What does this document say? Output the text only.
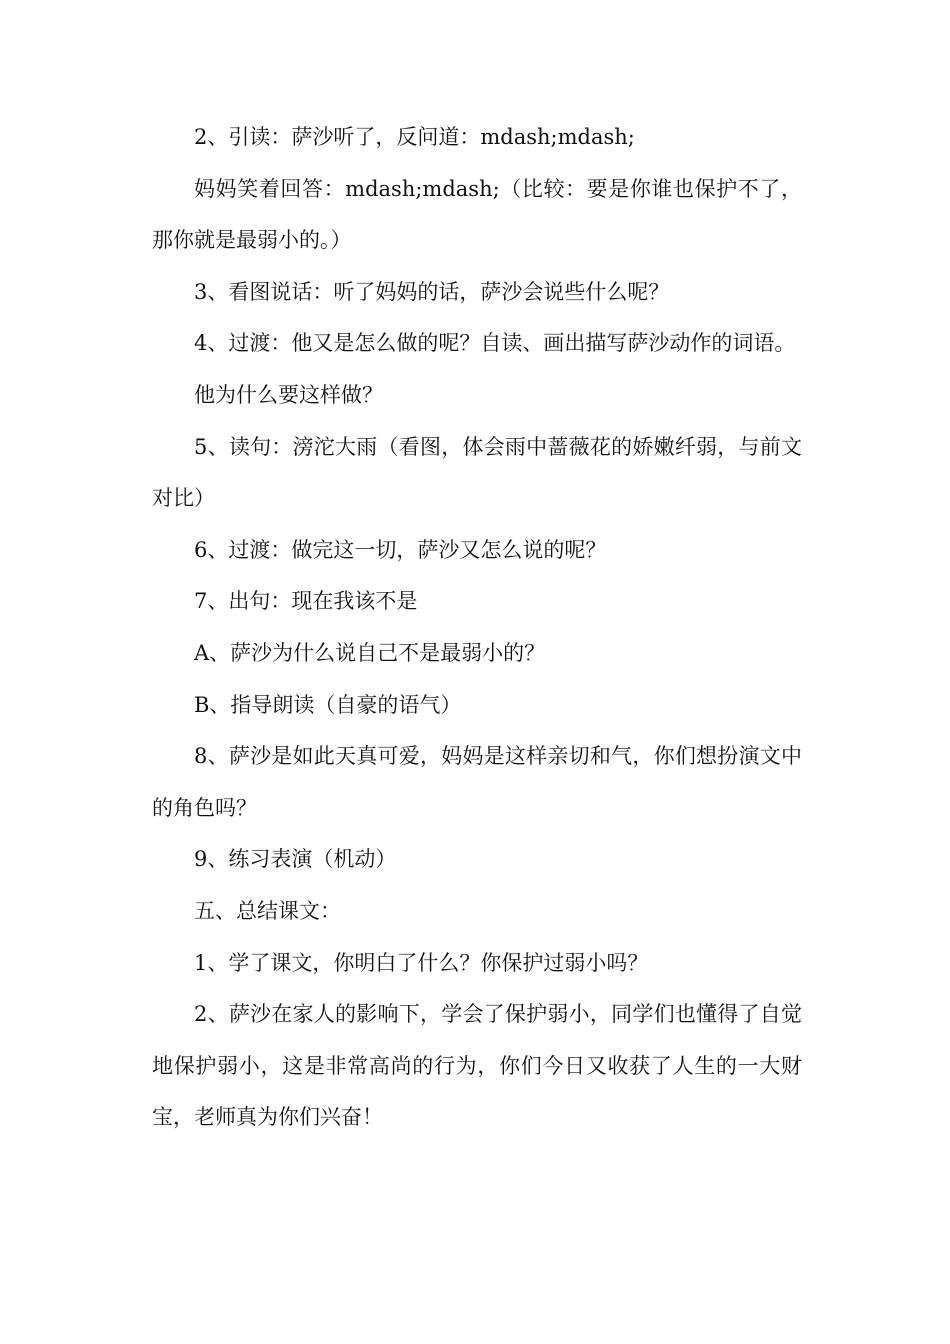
2、引读：萨沙听了，反问道：mdash;mdash;

妈妈笑着回答：mdash;mdash;（比较：要是你谁也保护不了，那你就是最弱小的。）

3、看图说话：听了妈妈的话，萨沙会说些什么呢？

4、过渡：他又是怎么做的呢？自读、画出描写萨沙动作的词语。

他为什么要这样做？

5、读句：滂沱大雨（看图，体会雨中蔷薇花的娇嫩纤弱，与前文对比）

6、过渡：做完这一切，萨沙又怎么说的呢？

7、出句：现在我该不是

A、萨沙为什么说自己不是最弱小的？

B、指导朗读（自豪的语气）

8、萨沙是如此天真可爱，妈妈是这样亲切和气，你们想扮演文中的角色吗？

9、练习表演（机动）

五、总结课文：

1、学了课文，你明白了什么？你保护过弱小吗？

2、萨沙在家人的影响下，学会了保护弱小，同学们也懂得了自觉地保护弱小，这是非常高尚的行为，你们今日又收获了人生的一大财宝，老师真为你们兴奋！
